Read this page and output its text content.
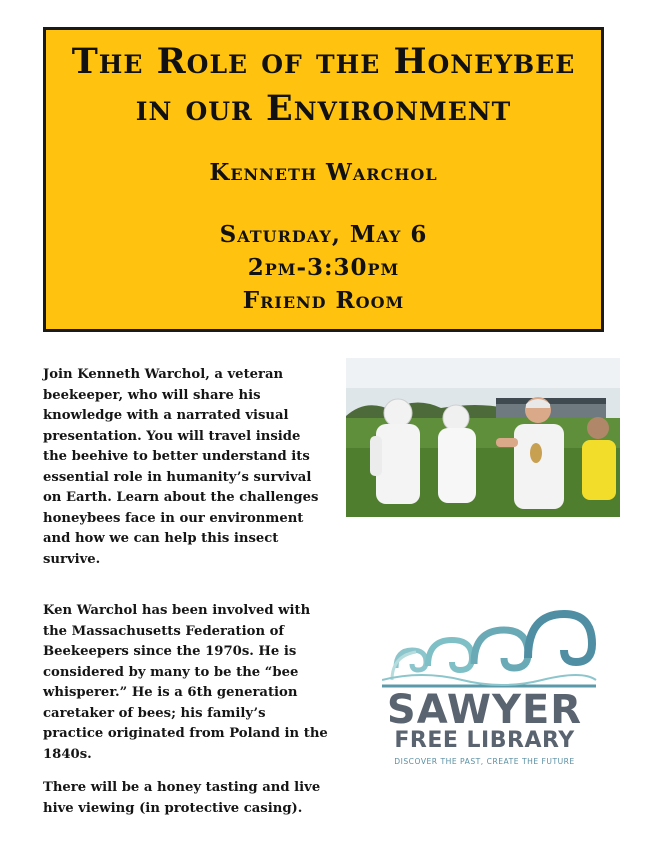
The Role of the Honeybee
in our Environment
Kenneth Warchol
Saturday, May 6
2pm-3:30pm
Friend Room
Join Kenneth Warchol, a veteran beekeeper, who will share his knowledge with a narrated visual presentation. You will travel inside the beehive to better understand its essential role in humanity’s survival on Earth. Learn about the challenges honeybees face in our environment and how we can help this insect survive.
Ken Warchol has been involved with the Massachusetts Federation of Beekeepers since the 1970s. He is considered by many to be the “bee whisperer.” He is a 6th generation caretaker of bees; his family’s practice originated from Poland in the 1840s.
There will be a honey tasting and live hive viewing (in protective casing).
SAWYER
FREE LIBRARY
DISCOVER THE PAST, CREATE THE FUTURE
